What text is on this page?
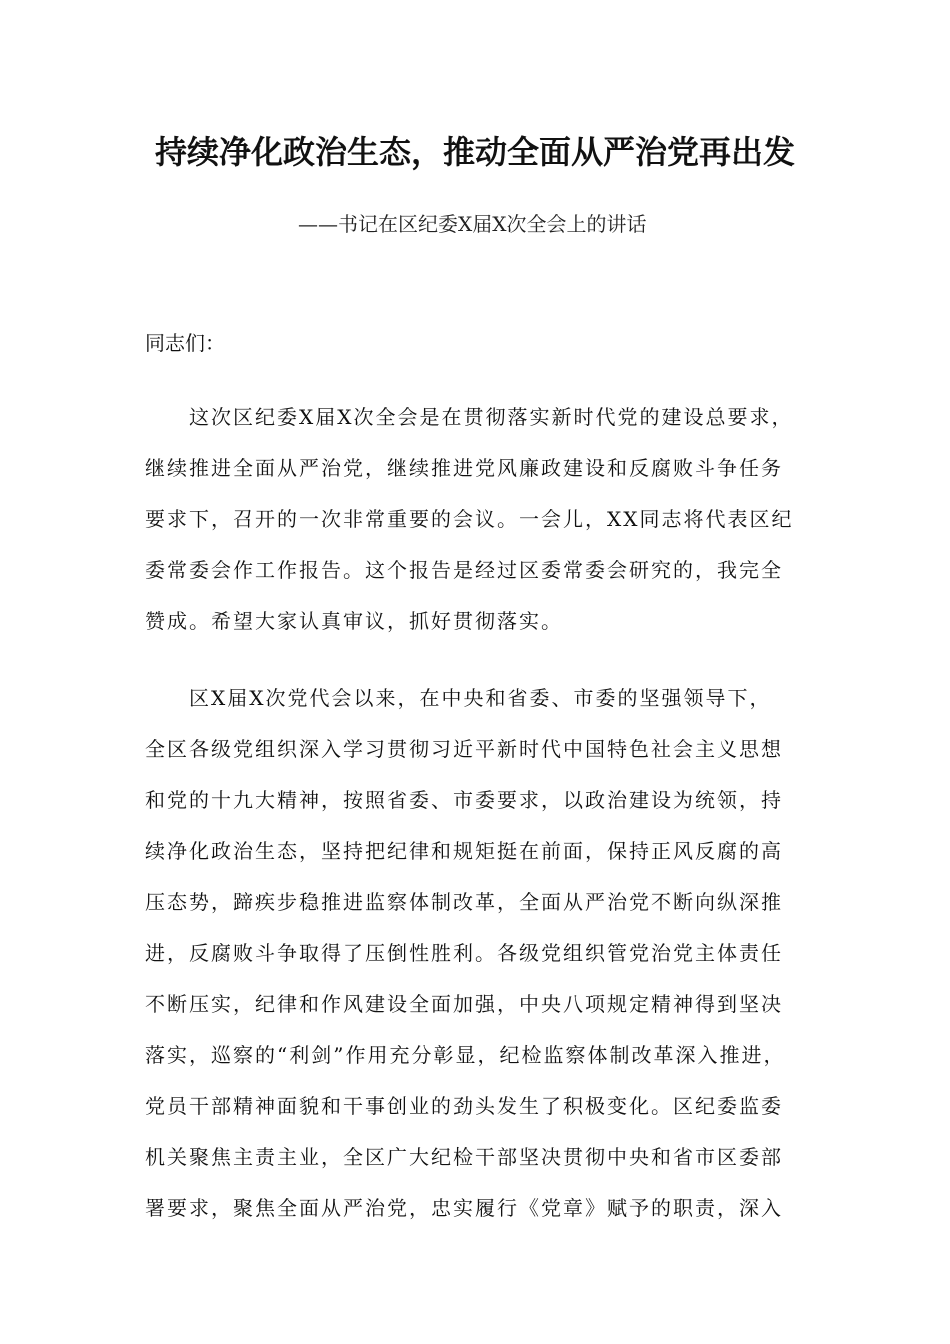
持续净化政治生态，推动全面从严治党再出发

——书记在区纪委X届X次全会上的讲话

同志们：

这次区纪委X届X次全会是在贯彻落实新时代党的建设总要求，
继续推进全面从严治党，继续推进党风廉政建设和反腐败斗争任务
要求下，召开的一次非常重要的会议。一会儿，XX同志将代表区纪
委常委会作工作报告。这个报告是经过区委常委会研究的，我完全
赞成。希望大家认真审议，抓好贯彻落实。

区X届X次党代会以来，在中央和省委、市委的坚强领导下，
全区各级党组织深入学习贯彻习近平新时代中国特色社会主义思想
和党的十九大精神，按照省委、市委要求，以政治建设为统领，持
续净化政治生态，坚持把纪律和规矩挺在前面，保持正风反腐的高
压态势，蹄疾步稳推进监察体制改革，全面从严治党不断向纵深推
进，反腐败斗争取得了压倒性胜利。各级党组织管党治党主体责任
不断压实，纪律和作风建设全面加强，中央八项规定精神得到坚决
落实，巡察的“利剑”作用充分彰显，纪检监察体制改革深入推进，
党员干部精神面貌和干事创业的劲头发生了积极变化。区纪委监委
机关聚焦主责主业，全区广大纪检干部坚决贯彻中央和省市区委部
署要求，聚焦全面从严治党，忠实履行《党章》赋予的职责，深入
